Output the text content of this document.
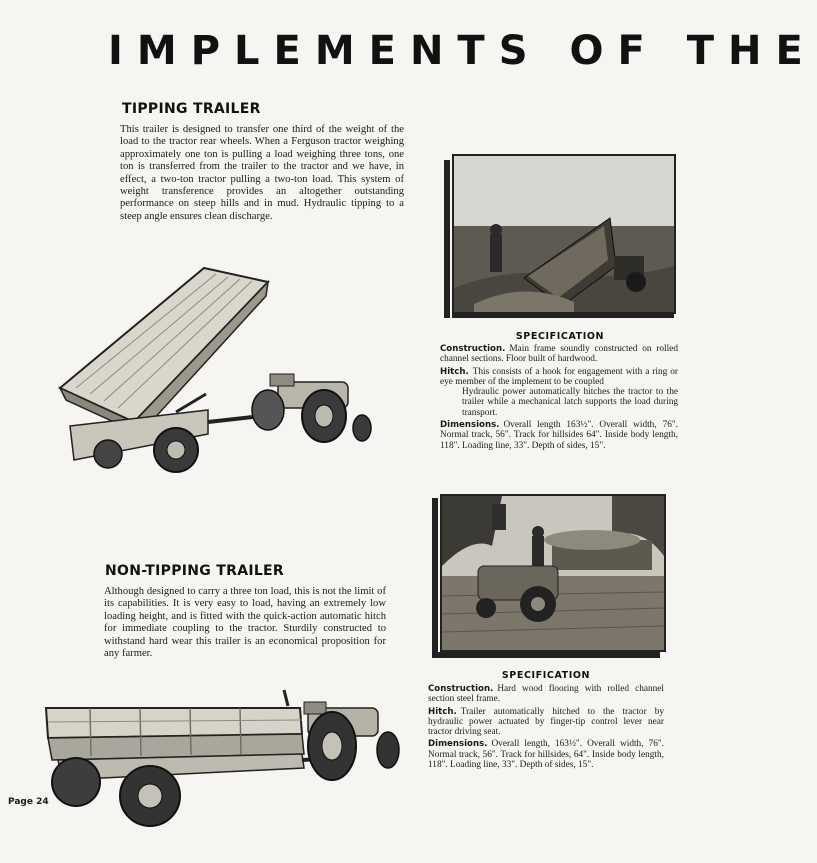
IMPLEMENTS OF THE
TIPPING TRAILER
This trailer is designed to transfer one third of the weight of the load to the tractor rear wheels. When a Ferguson tractor weighing approximately one ton is pulling a load weighing three tons, one ton is transferred from the trailer to the tractor and we have, in effect, a two-ton tractor pulling a two-ton load. This system of weight transference provides an altogether outstanding performance on steep hills and in mud. Hydraulic tipping to a steep angle ensures clean discharge.
SPECIFICATION

Construction. Main frame soundly constructed on rolled channel sections. Floor built of hardwood.

Hitch. This consists of a hook for engagement with a ring or eye member of the implement to be coupled
Hydraulic power automatically hitches the tractor to the trailer while a mechanical latch supports the load during transport.

Dimensions. Overall length 163½". Overall width, 76". Normal track, 56". Track for hillsides 64". Inside body length, 118". Loading line, 33". Depth of sides, 15".

NON-TIPPING TRAILER
Although designed to carry a three ton load, this is not the limit of its capabilities. It is very easy to load, having an extremely low loading height, and is fitted with the quick-action automatic hitch for immediate coupling to the tractor. Sturdily constructed to withstand hard wear this trailer is an economical proposition for any farmer.
SPECIFICATION

Construction. Hard wood flooring with rolled channel section steel frame.

Hitch. Trailer automatically hitched to the tractor by hydraulic power actuated by finger-tip control lever near tractor driving seat.

Dimensions. Overall length, 163½". Overall width, 76". Normal track, 56". Track for hillsides, 64". Inside body length, 118". Loading line, 33". Depth of sides, 15".

Page 24
